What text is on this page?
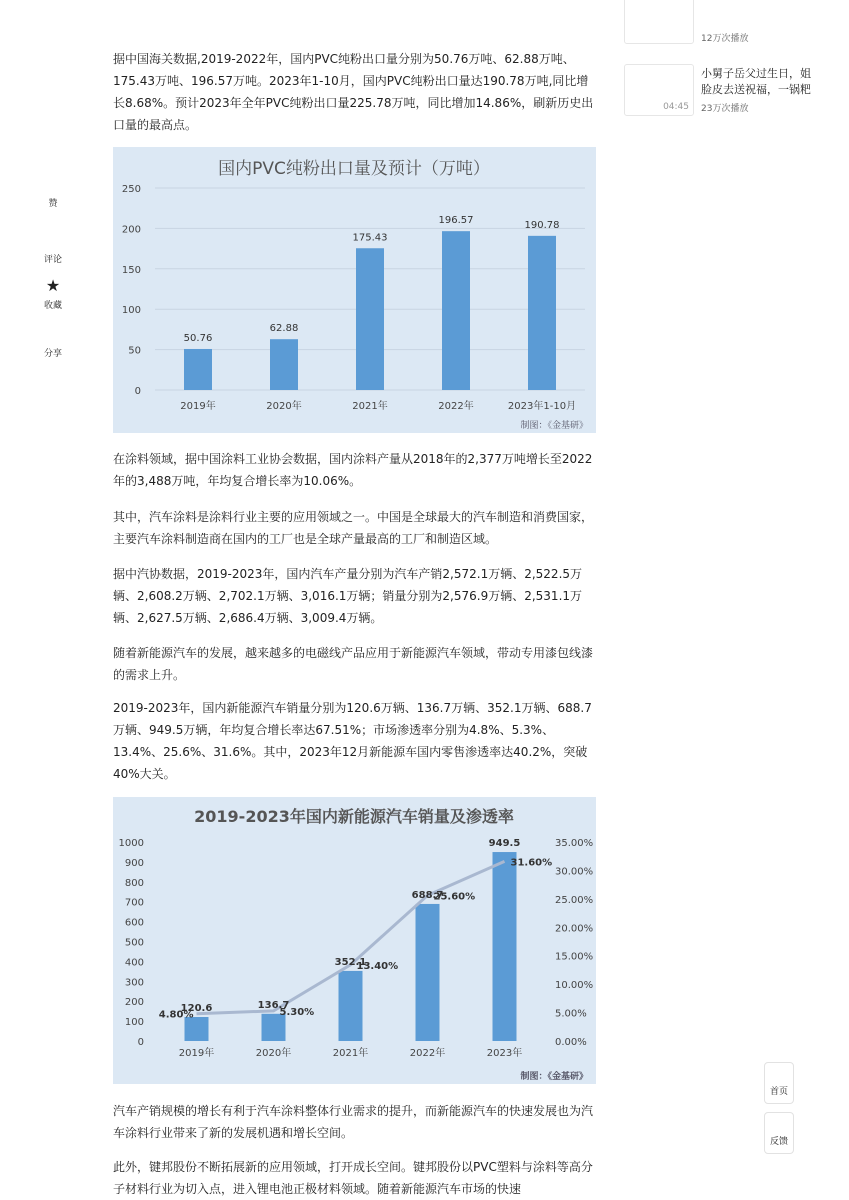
赞
评论
★
收藏
分享

据中国海关数据,2019-2022年，国内PVC纯粉出口量分别为50.76万吨、62.88万吨、175.43万吨、196.57万吨。2023年1-10月，国内PVC纯粉出口量达190.78万吨,同比增长8.68%。预计2023年全年PVC纯粉出口量225.78万吨，同比增加14.86%，刷新历史出口量的最高点。

国内PVC纯粉出口量及预计（万吨）
0
50
100
150
200
250
50.76
2019年
62.88
2020年
175.43
2021年
196.57
2022年
190.78
2023年1-10月
制图：《金基研》

在涂料领域，据中国涂料工业协会数据，国内涂料产量从2018年的2,377万吨增长至2022年的3,488万吨，年均复合增长率为10.06%。

其中，汽车涂料是涂料行业主要的应用领域之一。中国是全球最大的汽车制造和消费国家，主要汽车涂料制造商在国内的工厂也是全球产量最高的工厂和制造区域。

据中汽协数据，2019-2023年，国内汽车产量分别为汽车产销2,572.1万辆、2,522.5万辆、2,608.2万辆、2,702.1万辆、3,016.1万辆；销量分别为2,576.9万辆、2,531.1万辆、2,627.5万辆、2,686.4万辆、3,009.4万辆。

随着新能源汽车的发展，越来越多的电磁线产品应用于新能源汽车领域，带动专用漆包线漆的需求上升。

2019-2023年，国内新能源汽车销量分别为120.6万辆、136.7万辆、352.1万辆、688.7万辆、949.5万辆，年均复合增长率达67.51%；市场渗透率分别为4.8%、5.3%、13.4%、25.6%、31.6%。其中，2023年12月新能源车国内零售渗透率达40.2%，突破40%大关。

2019-2023年国内新能源汽车销量及渗透率
0
100
200
300
400
500
600
700
800
900
1000
0.00%
5.00%
10.00%
15.00%
20.00%
25.00%
30.00%
35.00%
2019年	2020年	2021年	2022年	2023年
120.6
4.80%
136.7
5.30%
352.1
13.40%
688.7
25.60%
949.5
31.60%
制图：《金基研》

汽车产销规模的增长有利于汽车涂料整体行业需求的提升，而新能源汽车的快速发展也为汽车涂料行业带来了新的发展机遇和增长空间。

此外，键邦股份不断拓展新的应用领域，打开成长空间。键邦股份以PVC塑料与涂料等高分子材料行业为切入点，进入锂电池正极材料领域。随着新能源汽车市场的快速

12万次播放
04:45
小舅子岳父过生日，姐
脸皮去送祝福，一锅粑
23万次播放
首页
反馈
